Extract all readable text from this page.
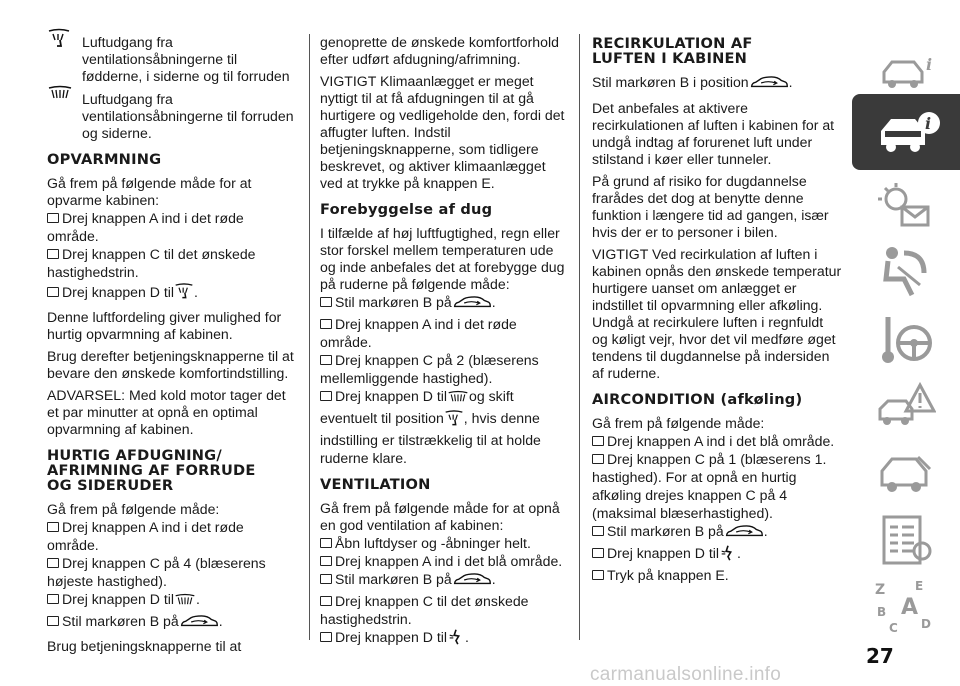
Luftudgang fra ventilationsåbningerne til fødderne, i siderne og til forruden
Luftudgang fra ventilationsåbningerne til forruden og siderne.
OPVARMNING

Gå frem på følgende måde for at opvarme kabinen:

Drej knappen A ind i det røde område.

Drej knappen C til det ønskede hastighedstrin.

Drej knappen D til .

Denne luftfordeling giver mulighed for hurtig opvarmning af kabinen.

Brug derefter betjeningsknapperne til at bevare den ønskede komfortindstilling.

ADVARSEL: Med kold motor tager det et par minutter at opnå en optimal opvarmning af kabinen.

HURTIG AFDUGNING/
AFRIMNING AF FORRUDE
OG SIDERUDER

Gå frem på følgende måde:

Drej knappen A ind i det røde område.

Drej knappen C på 4 (blæserens højeste hastighed).

Drej knappen D til .

Stil markøren B på	.

Brug betjeningsknapperne til at

genoprette de ønskede komfortforhold efter udført afdugning/afrimning.

VIGTIGT Klimaanlægget er meget nyttigt til at få afdugningen til at gå hurtigere og vedligeholde den, fordi det affugter luften. Indstil betjeningsknapperne, som tidligere beskrevet, og aktiver klimaanlægget ved at trykke på knappen E.

Forebyggelse af dug

I tilfælde af høj luftfugtighed, regn eller stor forskel mellem temperaturen ude og inde anbefales det at forebygge dug på ruderne på følgende måde:

Stil markøren B på	.

Drej knappen A ind i det røde område.

Drej knappen C på 2 (blæserens mellemliggende hastighed).

Drej knappen D til og skift eventuelt til position , hvis denne indstilling er tilstrækkelig til at holde ruderne klare.

VENTILATION

Gå frem på følgende måde for at opnå en god ventilation af kabinen:

Åbn luftdyser og -åbninger helt.

Drej knappen A ind i det blå område.

Stil markøren B på	.

Drej knappen C til det ønskede hastighedstrin.

Drej knappen D til .

RECIRKULATION AF
LUFTEN I KABINEN

Stil markøren B i position	.

Det anbefales at aktivere recirkulationen af luften i kabinen for at undgå indtag af forurenet luft under stilstand i køer eller tunneler.

På grund af risiko for dugdannelse frarådes det dog at benytte denne funktion i længere tid ad gangen, især hvis der er to personer i bilen.

VIGTIGT Ved recirkulation af luften i kabinen opnås den ønskede temperatur hurtigere uanset om anlægget er indstillet til opvarmning eller afkøling. Undgå at recirkulere luften i regnfuldt og køligt vejr, hvor det vil medføre øget tendens til dugdannelse på indersiden af ruderne.

AIRCONDITION (afkøling)

Gå frem på følgende måde:

Drej knappen A ind i det blå område.

Drej knappen C på 1 (blæserens 1. hastighed). For at opnå en hurtig afkøling drejes knappen C på 4 (maksimal blæserhastighed).

Stil markøren B på	.

Drej knappen D til .

Tryk på knappen E.

i
i
Z E
B A
C D
27
carmanualsonline.info
